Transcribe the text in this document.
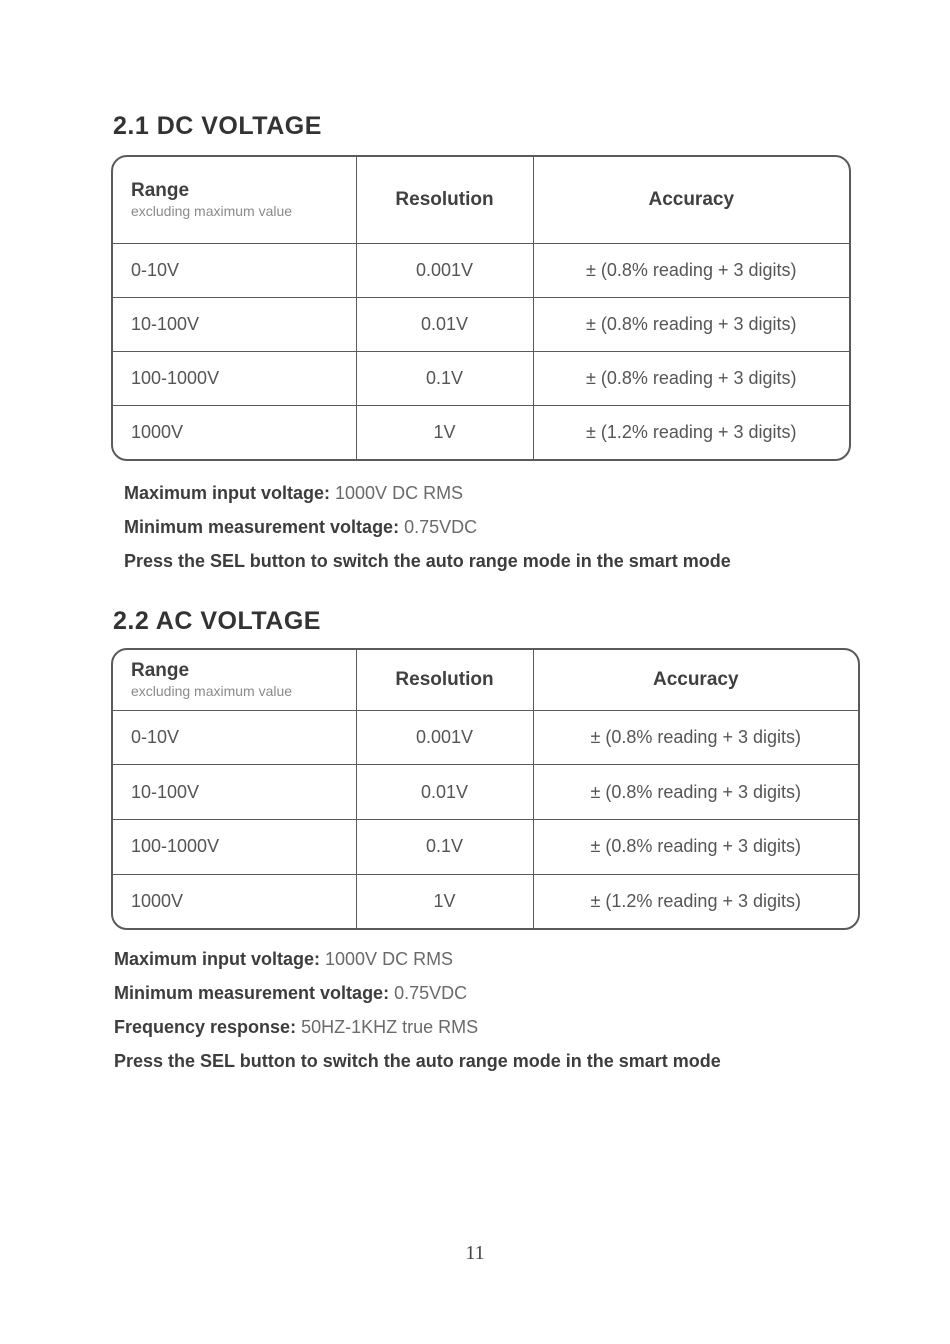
2.1 DC VOLTAGE
Range
excluding maximum value	Resolution	Accuracy
0-10V	0.001V	± (0.8% reading + 3 digits)
10-100V	0.01V	± (0.8% reading + 3 digits)
100-1000V	0.1V	± (0.8% reading + 3 digits)
1000V	1V	± (1.2% reading + 3 digits)
Maximum input voltage: 1000V DC RMS
Minimum measurement voltage: 0.75VDC
Press the SEL button to switch the auto range mode in the smart mode
2.2 AC VOLTAGE
Range
excluding maximum value	Resolution	Accuracy
0-10V	0.001V	± (0.8% reading + 3 digits)
10-100V	0.01V	± (0.8% reading + 3 digits)
100-1000V	0.1V	± (0.8% reading + 3 digits)
1000V	1V	± (1.2% reading + 3 digits)
Maximum input voltage: 1000V DC RMS
Minimum measurement voltage: 0.75VDC
Frequency response: 50HZ-1KHZ true RMS
Press the SEL button to switch the auto range mode in the smart mode
11
